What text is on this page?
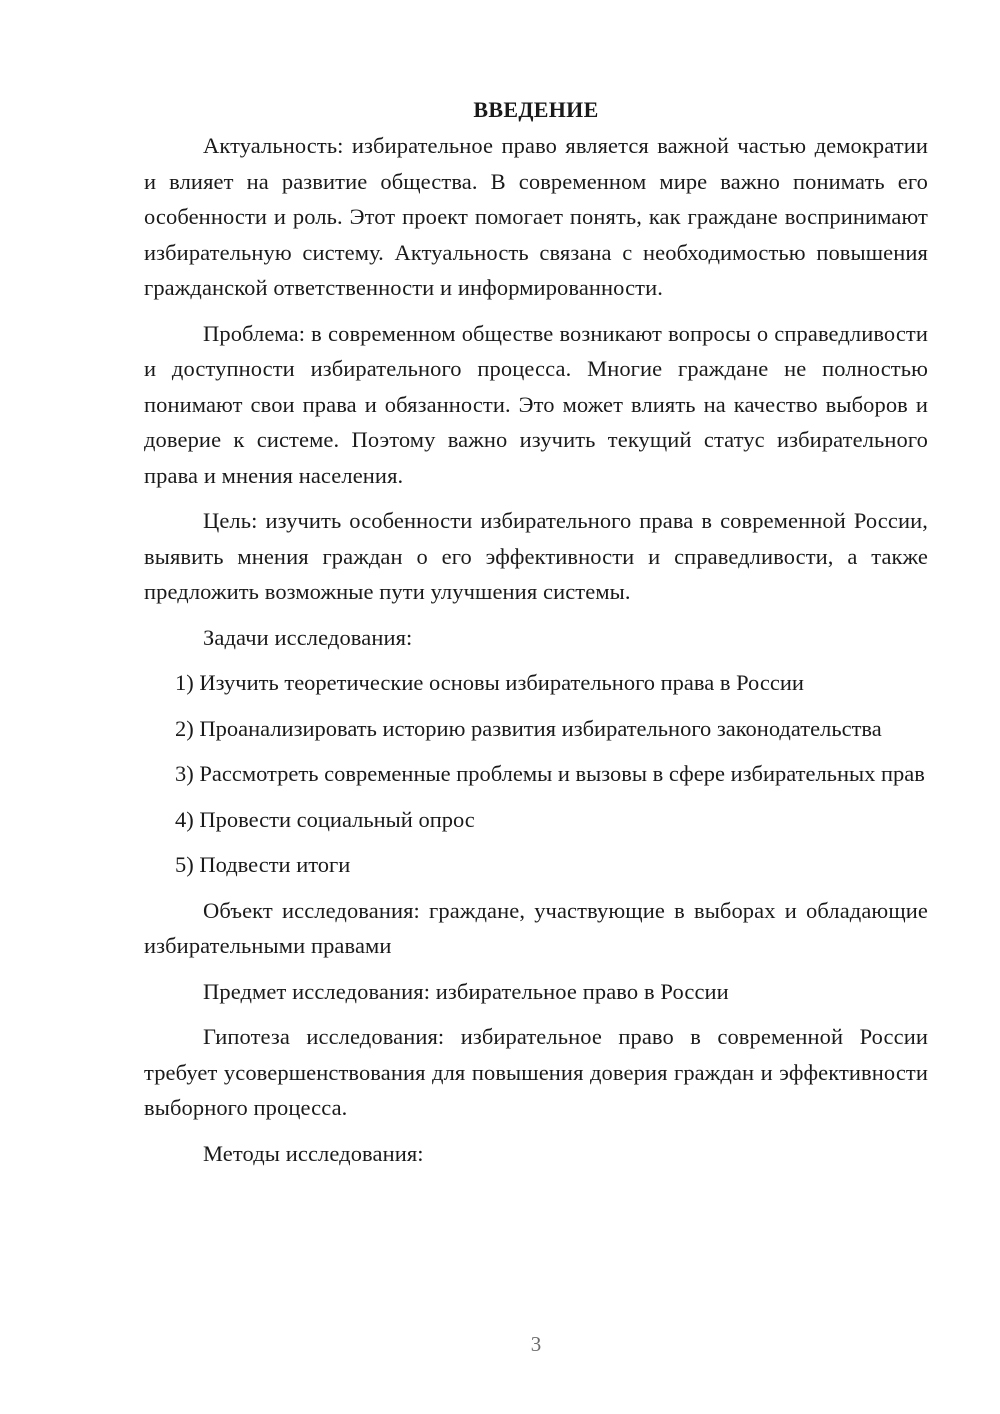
ВВЕДЕНИЕ

Актуальность: избирательное право является важной частью демократии и влияет на развитие общества. В современном мире важно понимать его особенности и роль. Этот проект помогает понять, как граждане воспринимают избирательную систему. Актуальность связана с необходимостью повышения гражданской ответственности и информированности.

Проблема: в современном обществе возникают вопросы о справедливости и доступности избирательного процесса. Многие граждане не полностью понимают свои права и обязанности. Это может влиять на качество выборов и доверие к системе. Поэтому важно изучить текущий статус избирательного права и мнения населения.

Цель: изучить особенности избирательного права в современной России, выявить мнения граждан о его эффективности и справедливости, а также предложить возможные пути улучшения системы.

Задачи исследования:

1) Изучить теоретические основы избирательного права в России

2) Проанализировать историю развития избирательного законодательства

3) Рассмотреть современные проблемы и вызовы в сфере избирательных прав

4) Провести социальный опрос

5) Подвести итоги

Объект исследования: граждане, участвующие в выборах и обладающие избирательными правами

Предмет исследования: избирательное право в России

Гипотеза исследования: избирательное право в современной России требует усовершенствования для повышения доверия граждан и эффективности выборного процесса.

Методы исследования:

3
